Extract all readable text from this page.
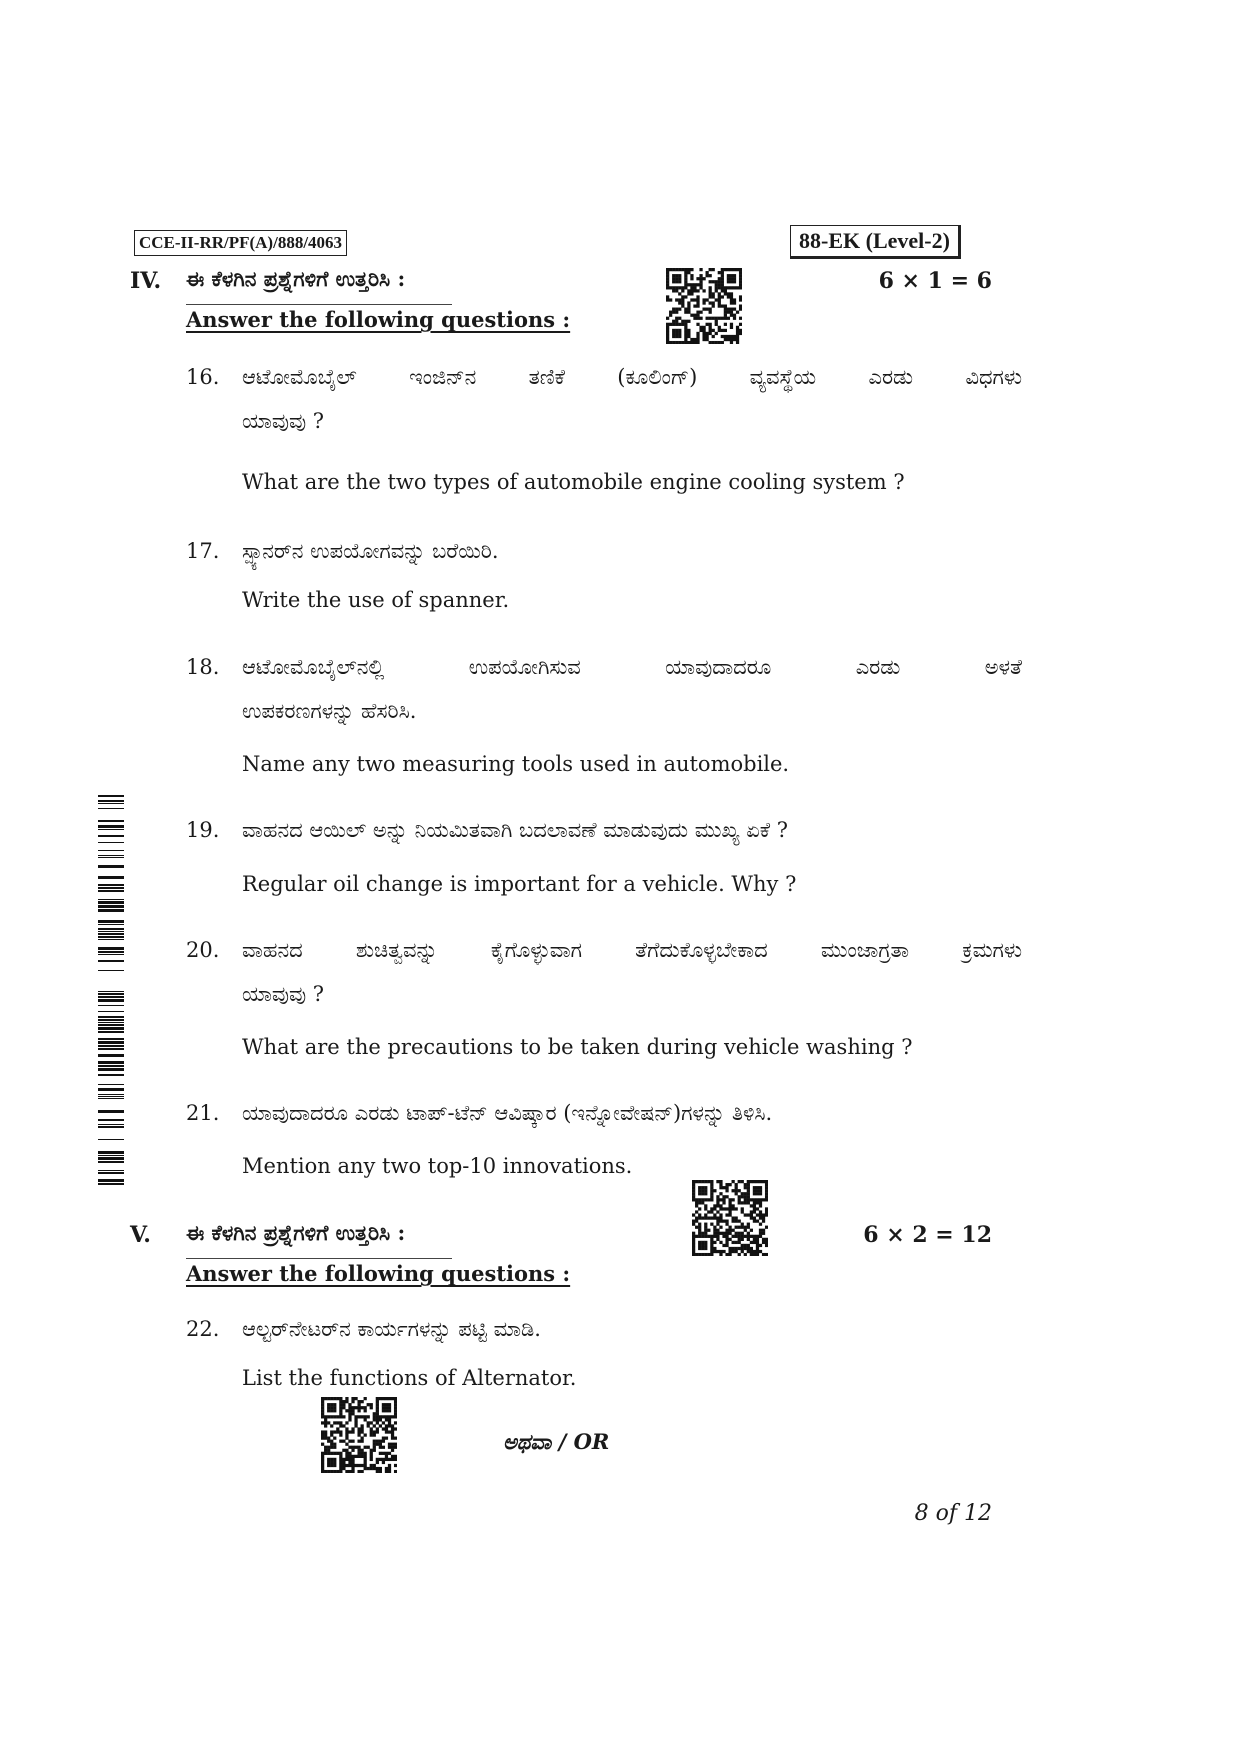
CCE-II-RR/PF(A)/888/4063	88-EK (Level-2)
IV. ಈ ಕೆಳಗಿನ ಪ್ರಶ್ನೆಗಳಿಗೆ ಉತ್ತರಿಸಿ :
Answer the following questions :
6 × 1 = 6
16. ಆಟೋಮೊಬೈಲ್ ಇಂಜಿನ್‌ನ ತಣಿಕೆ (ಕೂಲಿಂಗ್) ವ್ಯವಸ್ಥೆಯ ಎರಡು ವಿಧಗಳು
ಯಾವುವು ?
What are the two types of automobile engine cooling system ?
17. ಸ್ಪ್ಯಾನರ್‌ನ ಉಪಯೋಗವನ್ನು ಬರೆಯಿರಿ.
Write the use of spanner.
18. ಆಟೋಮೊಬೈಲ್‌ನಲ್ಲಿ ಉಪಯೋಗಿಸುವ ಯಾವುದಾದರೂ ಎರಡು ಅಳತೆ
ಉಪಕರಣಗಳನ್ನು ಹೆಸರಿಸಿ.
Name any two measuring tools used in automobile.
19. ವಾಹನದ ಆಯಿಲ್ ಅನ್ನು ನಿಯಮಿತವಾಗಿ ಬದಲಾವಣೆ ಮಾಡುವುದು ಮುಖ್ಯ ಏಕೆ ?
Regular oil change is important for a vehicle. Why ?
20. ವಾಹನದ ಶುಚಿತ್ವವನ್ನು ಕೈಗೊಳ್ಳುವಾಗ ತೆಗೆದುಕೊಳ್ಳಬೇಕಾದ ಮುಂಜಾಗ್ರತಾ ಕ್ರಮಗಳು
ಯಾವುವು ?
What are the precautions to be taken during vehicle washing ?
21. ಯಾವುದಾದರೂ ಎರಡು ಟಾಪ್-ಟೆನ್ ಆವಿಷ್ಕಾರ (ಇನ್ನೋವೇಷನ್)ಗಳನ್ನು ತಿಳಿಸಿ.
Mention any two top-10 innovations.
V. ಈ ಕೆಳಗಿನ ಪ್ರಶ್ನೆಗಳಿಗೆ ಉತ್ತರಿಸಿ :
Answer the following questions :
6 × 2 = 12
22. ಆಲ್ಟರ್‌ನೇಟರ್‌ನ ಕಾರ್ಯಗಳನ್ನು ಪಟ್ಟಿ ಮಾಡಿ.
List the functions of Alternator.
ಅಥವಾ / OR
8 of 12
